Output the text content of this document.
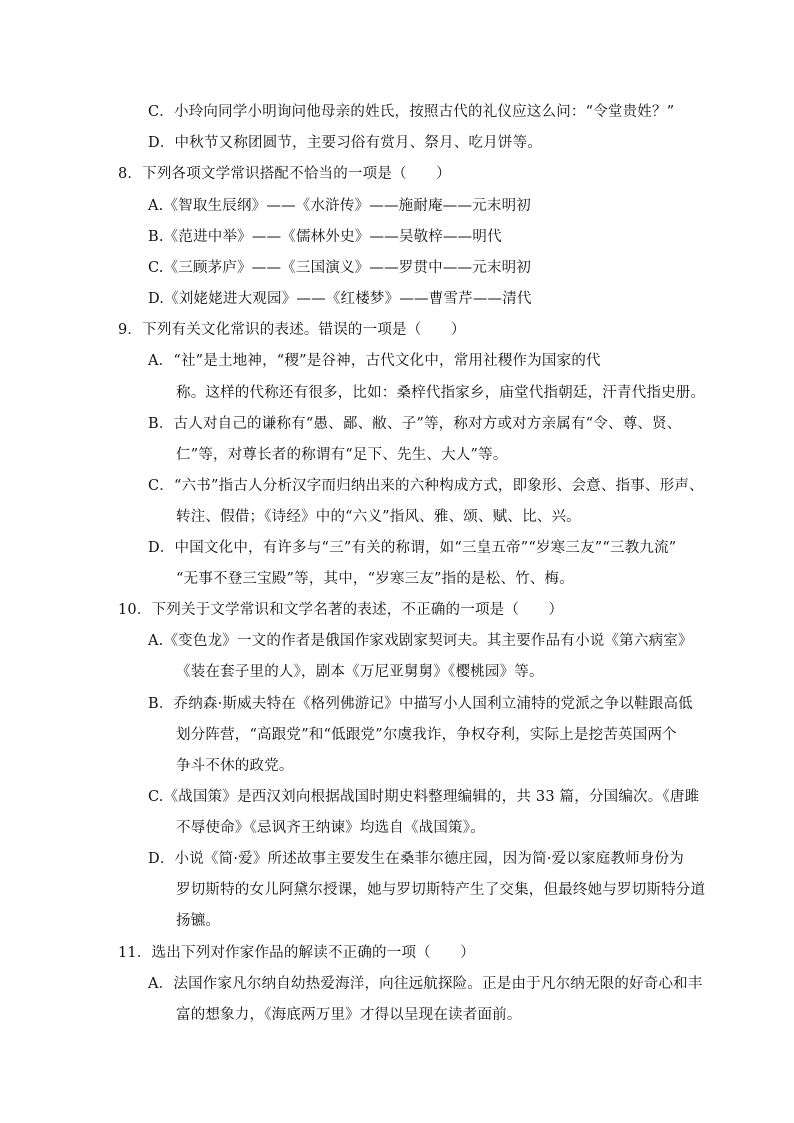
C．小玲向同学小明询问他母亲的姓氏，按照古代的礼仪应这么问：“令堂贵姓？”
D．中秋节又称团圆节，主要习俗有赏月、祭月、吃月饼等。
8．下列各项文学常识搭配不恰当的一项是（　　）
A.《智取生辰纲》——《水浒传》——施耐庵——元末明初
B.《范进中举》——《儒林外史》——吴敬梓——明代
C.《三顾茅庐》——《三国演义》——罗贯中——元末明初
D.《刘姥姥进大观园》——《红楼梦》——曹雪芹——清代
9．下列有关文化常识的表述。错误的一项是（　　）
A．“社”是土地神，“稷”是谷神，古代文化中，常用社稷作为国家的代
称。这样的代称还有很多，比如：桑梓代指家乡，庙堂代指朝廷，汗青代指史册。
B．古人对自己的谦称有“愚、鄙、敝、子”等，称对方或对方亲属有“令、尊、贤、
仁”等，对尊长者的称谓有“足下、先生、大人”等。
C．“六书”指古人分析汉字而归纳出来的六种构成方式，即象形、会意、指事、形声、
转注、假借；《诗经》中的“六义”指风、雅、颂、赋、比、兴。
D．中国文化中，有许多与“三”有关的称谓，如“三皇五帝”“岁寒三友”“三教九流”
“无事不登三宝殿”等，其中，“岁寒三友”指的是松、竹、梅。
10．下列关于文学常识和文学名著的表述，不正确的一项是（　　）
A.《变色龙》一文的作者是俄国作家戏剧家契诃夫。其主要作品有小说《第六病室》
《装在套子里的人》，剧本《万尼亚舅舅》《樱桃园》等。
B．乔纳森·斯威夫特在《格列佛游记》中描写小人国利立浦特的党派之争以鞋跟高低
划分阵营，“高跟党”和“低跟党”尔虞我诈，争权夺利，实际上是挖苦英国两个
争斗不休的政党。
C.《战国策》是西汉刘向根据战国时期史料整理编辑的，共 33 篇，分国编次。《唐雎
不辱使命》《忌讽齐王纳谏》均选自《战国策》。
D．小说《简·爱》所述故事主要发生在桑菲尔德庄园，因为简·爱以家庭教师身份为
罗切斯特的女儿阿黛尔授课，她与罗切斯特产生了交集，但最终她与罗切斯特分道
扬镳。
11．选出下列对作家作品的解读不正确的一项（　　）
A．法国作家凡尔纳自幼热爱海洋，向往远航探险。正是由于凡尔纳无限的好奇心和丰
富的想象力，《海底两万里》才得以呈现在读者面前。
